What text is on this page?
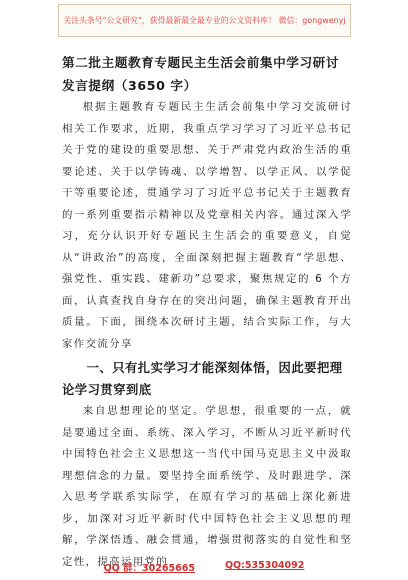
关注头条号"公文研究"，获得最新最全最专业的公文资料库！ 微信：gongwenyj

第二批主题教育专题民主生活会前集中学习研讨发言提纲（3650 字）

根据主题教育专题民主生活会前集中学习交流研讨相关工作要求，近期，我重点学习学习了习近平总书记关于党的建设的重要思想、关于严肃党内政治生活的重要论述、关于以学铸魂、以学增智、以学正风、以学促干等重要论述，贯通学习了习近平总书记关于主题教育的一系列重要指示精神以及党章相关内容。通过深入学习，充分认识开好专题民主生活会的重要意义，自觉从“讲政治”的高度，全面深刻把握主题教育“学思想、强党性、重实践、建新功”总要求，聚焦规定的 6 个方面，认真查找自身存在的突出问题，确保主题教育开出质量。下面，围绕本次研讨主题，结合实际工作，与大家作交流分享

一、只有扎实学习才能深刻体悟，因此要把理论学习贯穿到底

来自思想理论的坚定。学思想，很重要的一点，就是要通过全面、系统、深入学习，不断从习近平新时代中国特色社会主义思想这一当代中国马克思主义中汲取理想信念的力量。要坚持全面系统学、及时跟进学、深入思考学联系实际学，在原有学习的基础上深化新进步，加深对习近平新时代中国特色社会主义思想的理解，学深悟透、融会贯通，增强贯彻落实的自觉性和坚定性，提高运用党的

QQ 群：30265665	QQ:535304092
